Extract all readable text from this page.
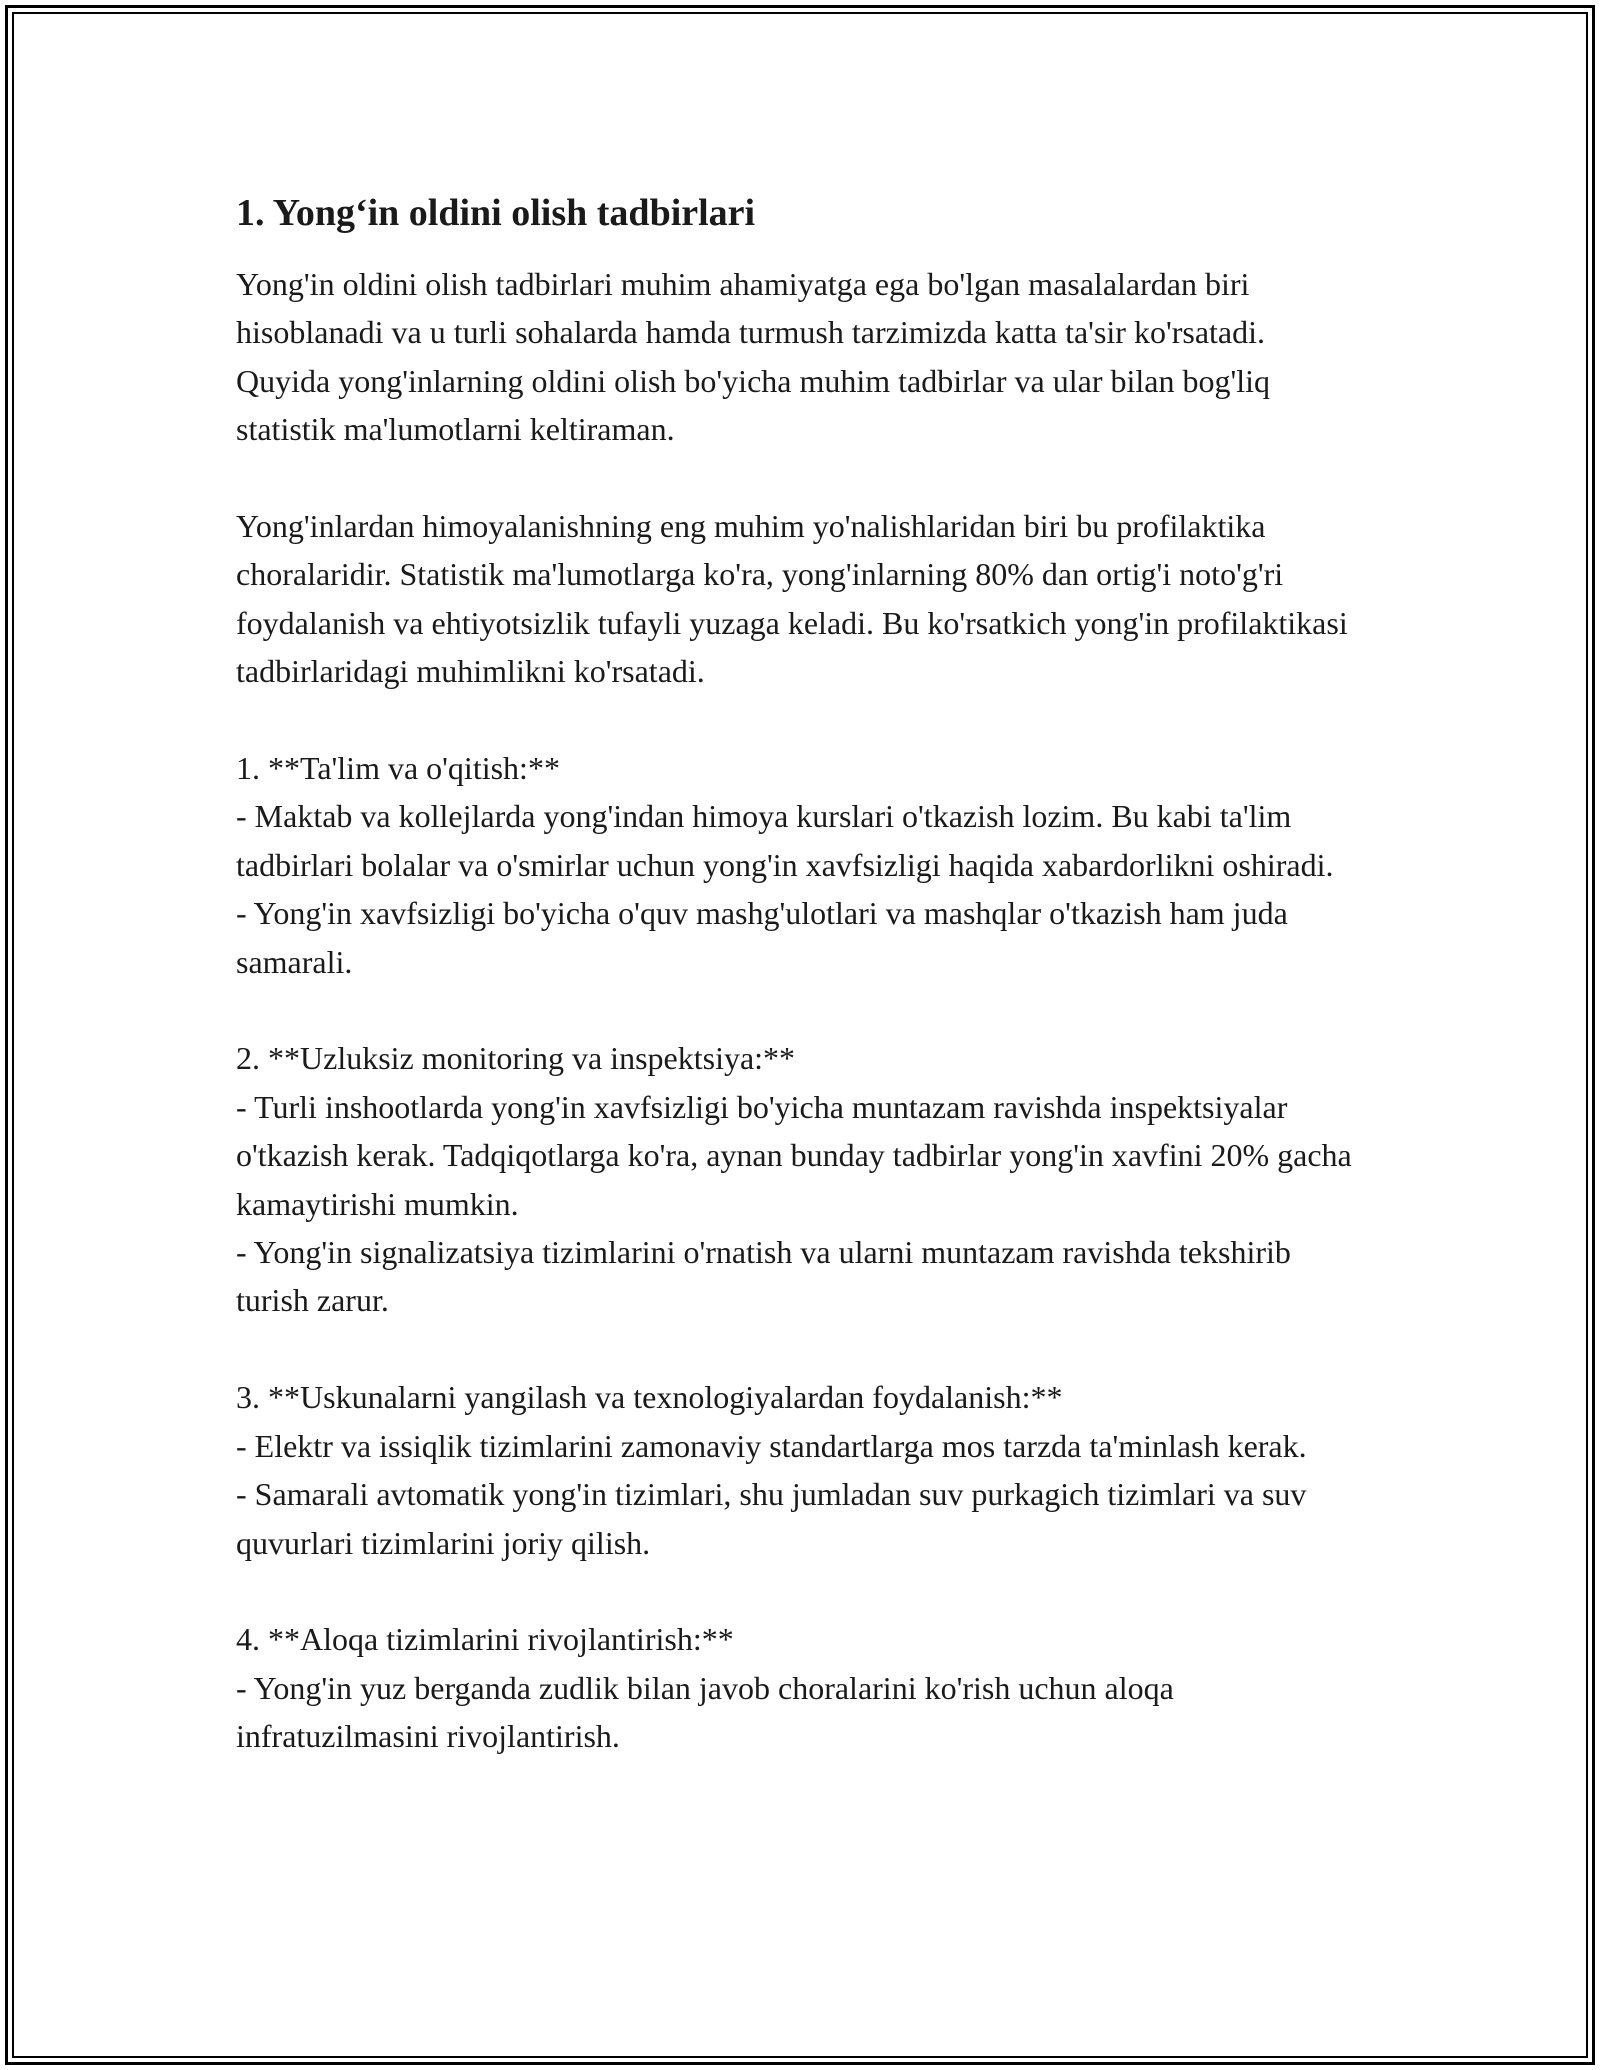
1. Yong‘in oldini olish tadbirlari

Yong'in oldini olish tadbirlari muhim ahamiyatga ega bo'lgan masalalardan biri hisoblanadi va u turli sohalarda hamda turmush tarzimizda katta ta'sir ko'rsatadi. Quyida yong'inlarning oldini olish bo'yicha muhim tadbirlar va ular bilan bog'liq statistik ma'lumotlarni keltiraman.

Yong'inlardan himoyalanishning eng muhim yo'nalishlaridan biri bu profilaktika choralaridir. Statistik ma'lumotlarga ko'ra, yong'inlarning 80% dan ortig'i noto'g'ri foydalanish va ehtiyotsizlik tufayli yuzaga keladi. Bu ko'rsatkich yong'in profilaktikasi tadbirlaridagi muhimlikni ko'rsatadi.

1. **Ta'lim va o'qitish:**

- Maktab va kollejlarda yong'indan himoya kurslari o'tkazish lozim. Bu kabi ta'lim tadbirlari bolalar va o'smirlar uchun yong'in xavfsizligi haqida xabardorlikni oshiradi.

- Yong'in xavfsizligi bo'yicha o'quv mashg'ulotlari va mashqlar o'tkazish ham juda samarali.

2. **Uzluksiz monitoring va inspektsiya:**

- Turli inshootlarda yong'in xavfsizligi bo'yicha muntazam ravishda inspektsiyalar o'tkazish kerak. Tadqiqotlarga ko'ra, aynan bunday tadbirlar yong'in xavfini 20% gacha kamaytirishi mumkin.

- Yong'in signalizatsiya tizimlarini o'rnatish va ularni muntazam ravishda tekshirib turish zarur.

3. **Uskunalarni yangilash va texnologiyalardan foydalanish:**

- Elektr va issiqlik tizimlarini zamonaviy standartlarga mos tarzda ta'minlash kerak.

- Samarali avtomatik yong'in tizimlari, shu jumladan suv purkagich tizimlari va suv quvurlari tizimlarini joriy qilish.

4. **Aloqa tizimlarini rivojlantirish:**

- Yong'in yuz berganda zudlik bilan javob choralarini ko'rish uchun aloqa infratuzilmasini rivojlantirish.
